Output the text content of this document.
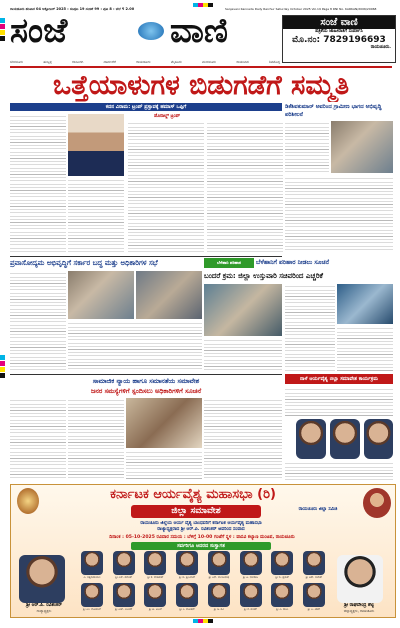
ರಾಯಚೂರು ಶನಿವಾರ 04 ಅಕ್ಟೋಬರ್ 2025 : ಸಂಪುಟ 19 ಸಂಚಿಕೆ 99 : ಪುಟ 8 : ಬೆಲೆ ₹ 2.00	Sanjevani Kannada Daily Raichur Saturday October 2025 Vol.19 Page 8 RNI No. KARKAN/2006/20068
ಸಂಜೆ	ವಾಣಿ	ಸಂಜೆ ವಾಣಿ
ಪತ್ರಿಕೆಯ ಜಾಹೀರಾತಿಗೆ ಸಂಪರ್ಕಿಸಿ
ಮೊ.ನಂ: 7829196693
ರಾಯಚೂರು.
ಬೆಂಗಳೂರು	ಹುಬ್ಬಳ್ಳಿ	ಕಲಬುರಗಿ	ದಾವಣಗೆರೆ	ರಾಯಚೂರು	ಮೈಸೂರು	ಮಂಗಳೂರು	ರಾಯಬಾಗ	ಶಿವಮೊಗ್ಗ
ಒತ್ತೆಯಾಳುಗಳ ಬಿಡುಗಡೆಗೆ ಸಮ್ಮತಿ
ಕದನ ವಿರಾಮ: ಟ್ರಂಪ್ ಪ್ರಸ್ತಾವಕ್ಕೆ ಹಮಾಸ್ ಒಪ್ಪಿಗೆ
ಡೊನಾಲ್ಡ್ ಟ್ರಂಪ್
ಡಿಕೆಶಿವಕುಮಾರ್ ಅವರಿಂದ ಗ್ರಾಮೀಣ ಭಾಗದ ಅಭಿವೃದ್ಧಿ ಪರಿಶೀಲನೆ
ಪ್ರವಾಸೋದ್ಯಮ ಅಭಿವೃದ್ಧಿಗೆ ಸರ್ಕಾರ ಬದ್ಧ ಮತ್ತು ಅಧಿಕಾರಿಗಳ ಸಭೆ	ಬೆಳೆಹಾನಿ ಪರಿಹಾರ	ಬೆಳೆಹಾನಿಗೆ ಪರಿಹಾರ ನೀಡಲು ಸೂಚನೆ
ಬಂದರೆ ಕ್ರಮ: ಜಿಲ್ಲಾ ಉಸ್ತುವಾರಿ ಸಚಿವರಿಂದ ಎಚ್ಚರಿಕೆ
ಸಾಮಾಜಿಕ ನ್ಯಾಯ ಹಾಗೂ ಸಮಾನತೆಯ ಸಮಾವೇಶ
ಜನರ ಸಮಸ್ಯೆಗಳಿಗೆ ಸ್ಪಂದಿಸಲು ಅಧಿಕಾರಿಗಳಿಗೆ ಸೂಚನೆ
ನಾಳೆ ಆರ್ಯವೈಶ್ಯ ಜಿಲ್ಲಾ ಸಮಾವೇಶ ಕಾರ್ಯಕ್ರಮ
ಕರ್ನಾಟಕ ಆರ್ಯವೈಶ್ಯ ಮಹಾಸಭಾ (ರಿ)
ಜಿಲ್ಲಾ ಸಮಾವೇಶ	ರಾಯಚೂರು ಜಿಲ್ಲಾ ಸಮಿತಿ
ರಾಯಚೂರು ಜಿಲ್ಲೆಯ ಆರ್ಯ ವೈಶ್ಯ ಬಾಂಧವರಿಗೆ ಕರ್ನಾಟಕ ಆರ್ಯವೈಶ್ಯ ಮಹಾಸಭಾ
ರಾಜ್ಯಾಧ್ಯಕ್ಷರಾದ ಶ್ರೀ ಆರ್.ಪಿ. ರವಿಶಂಕರ್ ಅವರಿಂದ ಸಂವಾದ
ದಿನಾಂಕ : 05-10-2025 ರವಿವಾರ ಸಮಯ : ಬೆಳಿಗ್ಗೆ 10-00 ಗಂಟೆಗೆ ಸ್ಥಳ : ವಾಸವಿ ಕಲ್ಯಾಣ ಮಂಟಪ, ರಾಯಚೂರು
ಸರ್ವರಿಗೂ ಆದರದ ಸುಸ್ವಾಗತ
ಶ್ರೀ ಆರ್.ಪಿ. ರವಿಶಂಕರ್
ರಾಜ್ಯಾಧ್ಯಕ್ಷರು
ಶ್ರೀ ರಾಘವೇಂದ್ರ ಶೆಟ್ಟಿ
ಜಿಲ್ಲಾಧ್ಯಕ್ಷರು, ರಾಯಚೂರು
ವಿ. ಸತ್ಯನಾರಾಯಣ	ಶ್ರೀ ಎಸ್. ರಮೇಶ್	ಶ್ರೀ ಕೆ. ವೆಂಕಟೇಶ್	ಶ್ರೀ ಜಿ. ಶ್ರೀನಿವಾಸ್	ಶ್ರೀ ಎನ್. ಮಂಜುನಾಥ	ಶ್ರೀ ಪಿ. ನಾಗರಾಜ	ಶ್ರೀ ಬಿ. ಪ್ರಕಾಶ್	ಶ್ರೀ ಆರ್. ಸುರೇಶ್
ಶ್ರೀ ಎಂ. ಗೋಪಾಲ್	ಶ್ರೀ ಎಚ್. ವಿಜಯ್	ಶ್ರೀ ಟಿ. ಅನಿಲ್	ಶ್ರೀ ಸಿ. ಮೋಹನ್	ಶ್ರೀ ಡಿ. ರವಿ	ಶ್ರೀ ಕೆ. ಶಂಕರ್	ಶ್ರೀ ವಿ. ರಾಜು	ಶ್ರೀ ಎ. ಕಿರಣ್
